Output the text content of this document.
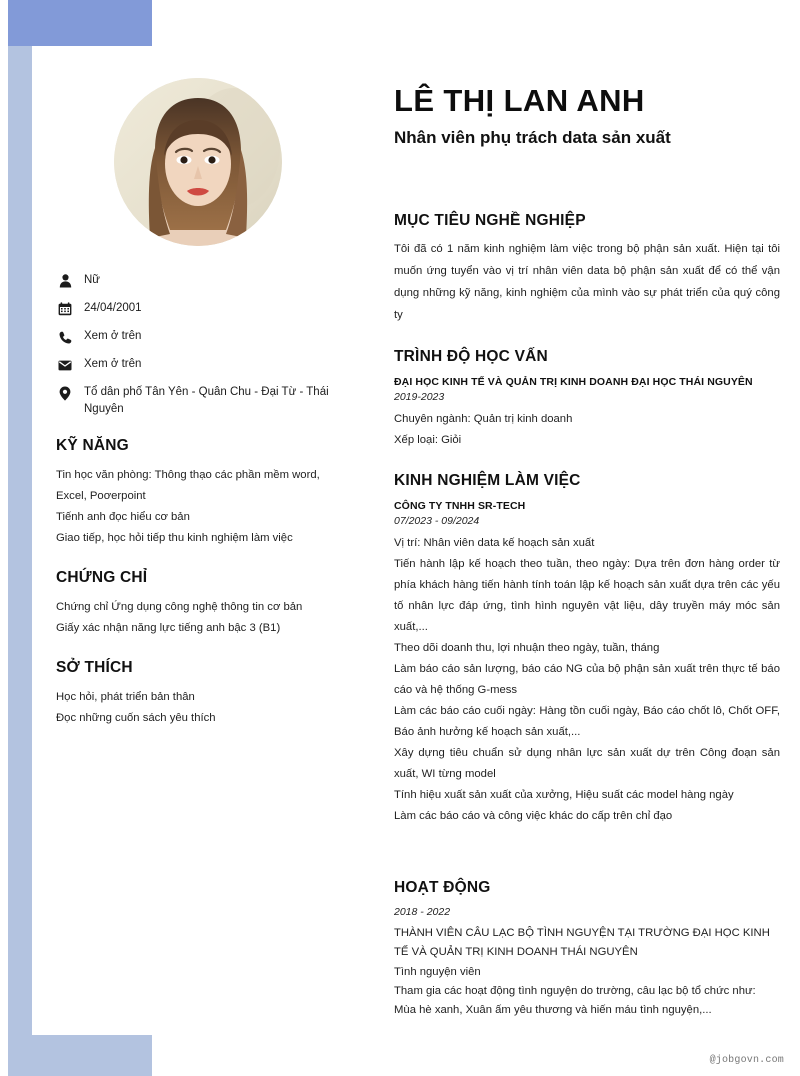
Nữ
24/04/2001
Xem ở trên
Xem ở trên
Tổ dân phố Tân Yên - Quân Chu - Đại Từ - Thái Nguyên
KỸ NĂNG

Tin học văn phòng: Thông thạo các phần mềm word, Excel, Poơerpoint

Tiếnh anh đọc hiểu cơ bản

Giao tiếp, học hỏi tiếp thu kinh nghiệm làm việc

CHỨNG CHỈ

Chứng chỉ Ứng dụng công nghệ thông tin cơ bản

Giấy xác nhận năng lực tiếng anh bậc 3 (B1)

SỞ THÍCH

Học hỏi, phát triển bản thân

Đọc những cuốn sách yêu thích

LÊ THỊ LAN ANH
Nhân viên phụ trách data sản xuất
MỤC TIÊU NGHỀ NGHIỆP

Tôi đã có 1 năm kinh nghiệm làm việc trong bộ phận sản xuất. Hiện tại tôi muốn ứng tuyển vào vị trí nhân viên data bộ phận sản xuất để có thể vận dụng những kỹ năng, kinh nghiệm của mình vào sự phát triển của quý công ty

TRÌNH ĐỘ HỌC VẤN
ĐẠI HỌC KINH TẾ VÀ QUẢN TRỊ KINH DOANH ĐẠI HỌC THÁI NGUYÊN
2019-2023

Chuyên ngành: Quản trị kinh doanh

Xếp loại: Giỏi

KINH NGHIỆM LÀM VIỆC
CÔNG TY TNHH SR-TECH
07/2023 - 09/2024

Vị trí: Nhân viên data kế hoạch sản xuất

Tiến hành lập kế hoạch theo tuần, theo ngày: Dựa trên đơn hàng order từ phía khách hàng tiến hành tính toán lập kế hoạch sản xuất dựa trên các yếu tố nhân lực đáp ứng, tình hình nguyên vật liệu, dây truyền máy móc sản xuất,...

Theo dõi doanh thu, lợi nhuận theo ngày, tuần, tháng

Làm báo cáo sản lượng, báo cáo NG của bộ phận sản xuất trên thực tế báo cáo và hệ thống G-mess

Làm các báo cáo cuối ngày: Hàng tồn cuối ngày, Báo cáo chốt lô, Chốt OFF, Báo ảnh hưởng kế hoạch sản xuất,...

Xây dựng tiêu chuẩn sử dụng nhân lực sản xuất dự trên Công đoạn sản xuất, WI từng model

Tính hiệu xuất sản xuất của xưởng, Hiệu suất các model hàng ngày

Làm các báo cáo và công việc khác do cấp trên chỉ đạo

HOẠT ĐỘNG
2018 - 2022

THÀNH VIÊN CÂU LẠC BỘ TÌNH NGUYỆN TẠI TRƯỜNG ĐẠI HỌC KINH TẾ VÀ QUẢN TRỊ KINH DOANH THÁI NGUYÊN

Tình nguyện viên

Tham gia các hoạt động tình nguyện do trường, câu lạc bộ tổ chức như: Mùa hè xanh, Xuân ấm yêu thương và hiến máu tình nguyện,...

@jobgovn.com
